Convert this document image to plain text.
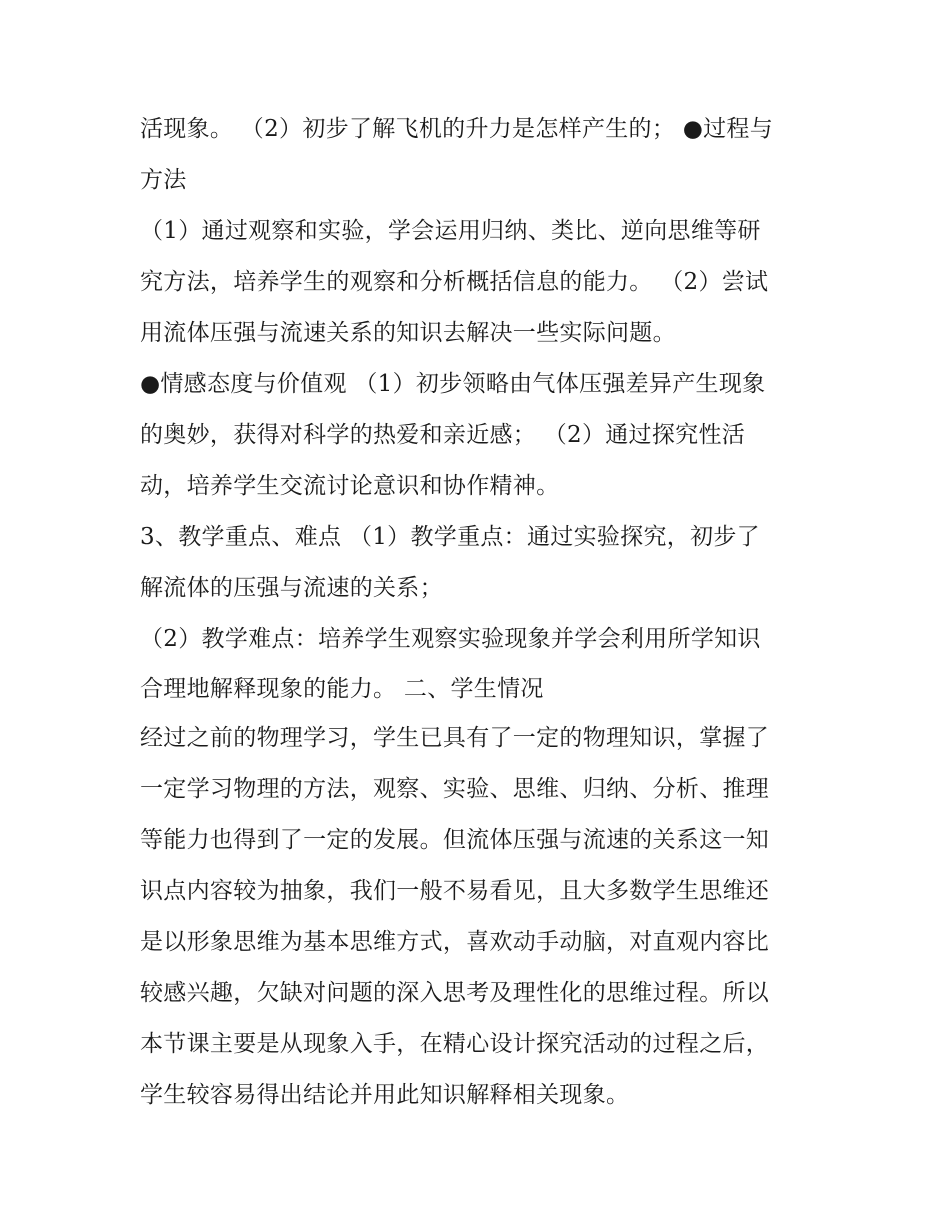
活现象。 （2）初步了解飞机的升力是怎样产生的； ●过程与
方法
（1）通过观察和实验，学会运用归纳、类比、逆向思维等研
究方法，培养学生的观察和分析概括信息的能力。 （2）尝试
用流体压强与流速关系的知识去解决一些实际问题。
●情感态度与价值观 （1）初步领略由气体压强差异产生现象
的奥妙，获得对科学的热爱和亲近感； （2）通过探究性活
动，培养学生交流讨论意识和协作精神。
3、教学重点、难点 （1）教学重点：通过实验探究，初步了
解流体的压强与流速的关系；
（2）教学难点：培养学生观察实验现象并学会利用所学知识
合理地解释现象的能力。 二、学生情况
经过之前的物理学习，学生已具有了一定的物理知识，掌握了
一定学习物理的方法，观察、实验、思维、归纳、分析、推理
等能力也得到了一定的发展。但流体压强与流速的关系这一知
识点内容较为抽象，我们一般不易看见，且大多数学生思维还
是以形象思维为基本思维方式，喜欢动手动脑，对直观内容比
较感兴趣，欠缺对问题的深入思考及理性化的思维过程。所以
本节课主要是从现象入手，在精心设计探究活动的过程之后，
学生较容易得出结论并用此知识解释相关现象。
